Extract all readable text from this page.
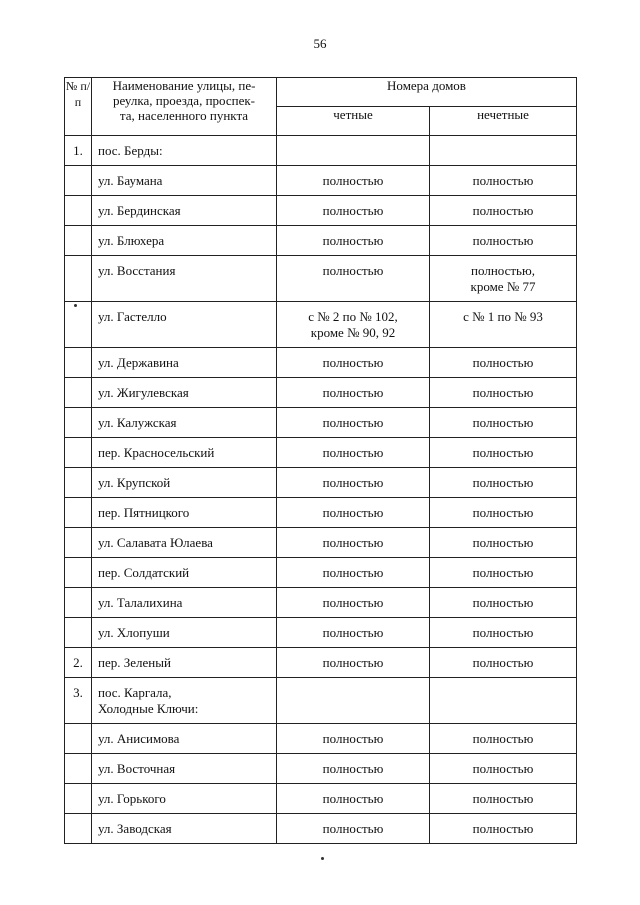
56
№ п/п	Наименование улицы, пе-
реулка, проезда, проспек-
та, населенного пункта	Номера домов	
		четные	нечетные

1.	пос. Берды:		

	ул. Баумана	полностью	полностью

	ул. Бердинская	полностью	полностью

	ул. Блюхера	полностью	полностью

	ул. Восстания	полностью	полностью,
кроме № 77

	ул. Гастелло	с № 2 по № 102,
кроме № 90, 92	с № 1 по № 93

	ул. Державина	полностью	полностью

	ул. Жигулевская	полностью	полностью

	ул. Калужская	полностью	полностью

	пер. Красносельский	полностью	полностью

	ул. Крупской	полностью	полностью

	пер. Пятницкого	полностью	полностью

	ул. Салавата Юлаева	полностью	полностью

	пер. Солдатский	полностью	полностью

	ул. Талалихина	полностью	полностью

	ул. Хлопуши	полностью	полностью

2.	пер. Зеленый	полностью	полностью

3.	пос. Каргала,
Холодные Ключи:		

	ул. Анисимова	полностью	полностью

	ул. Восточная	полностью	полностью

	ул. Горького	полностью	полностью

	ул. Заводская	полностью	полностью
